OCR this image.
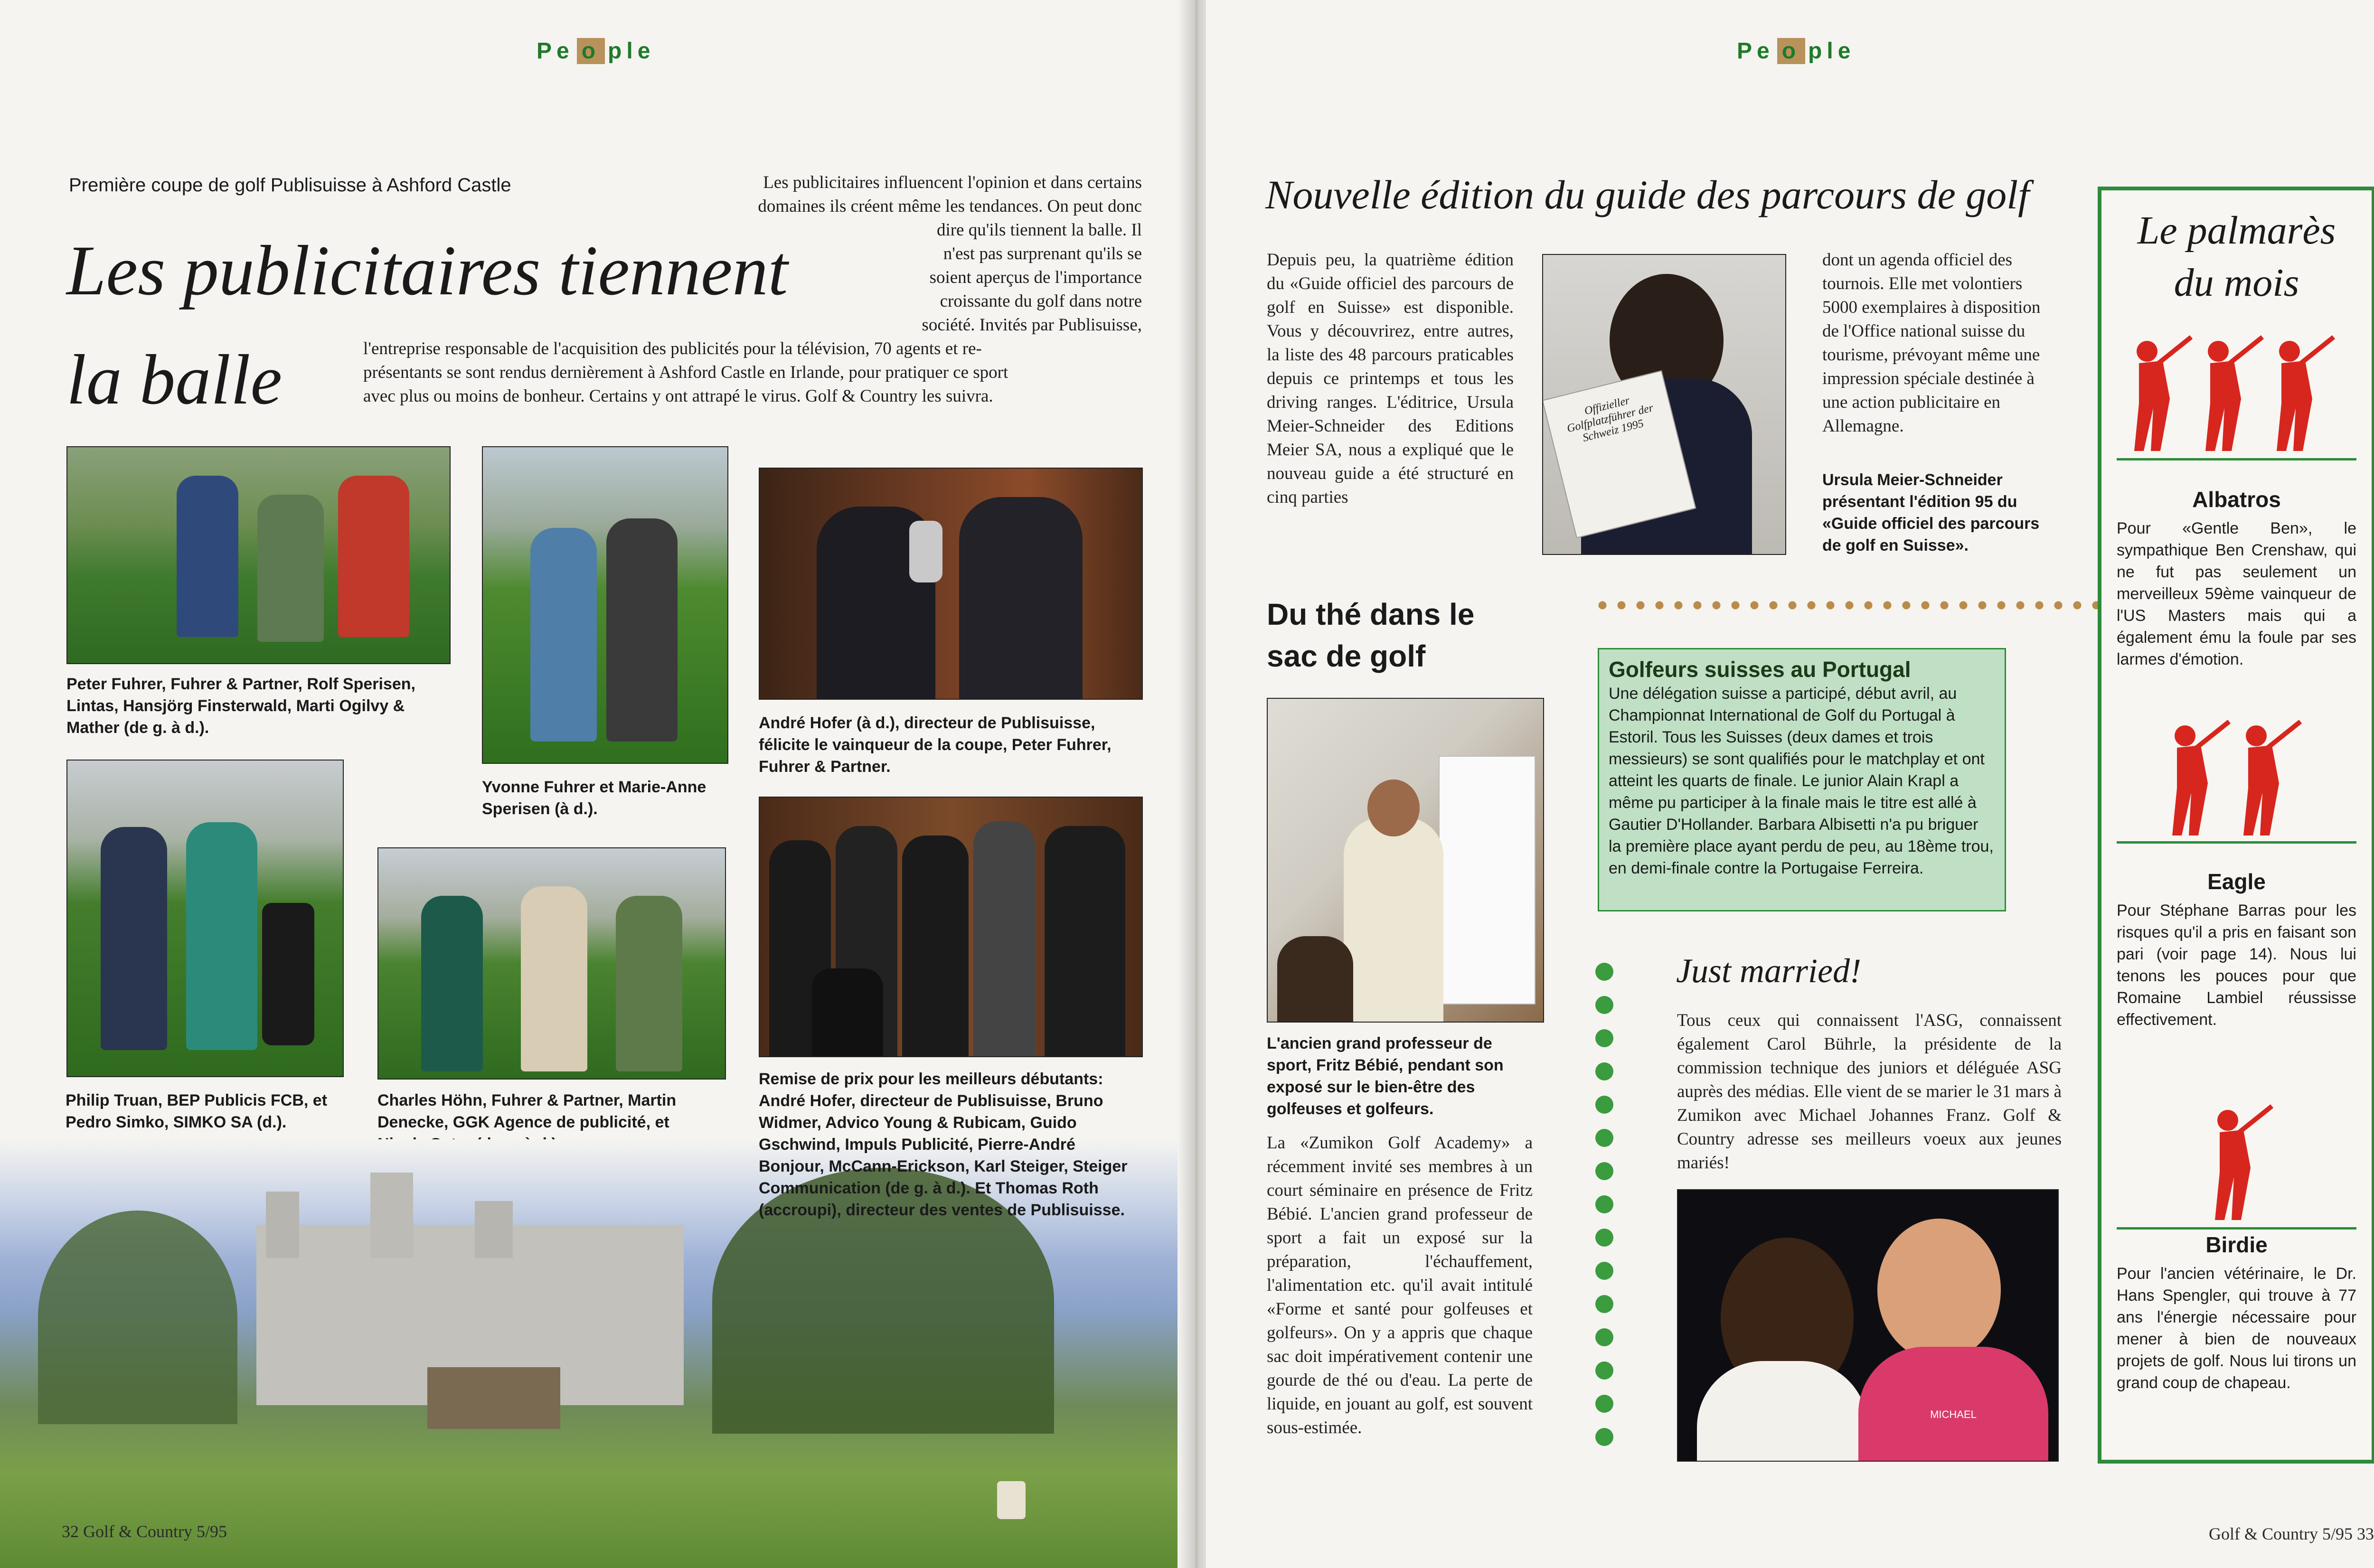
Pe o ple
Première coupe de golf Publisuisse à Ashford Castle
Les publicitaires tiennent
la balle
Les publicitaires influencent l'opinion et dans certains
domaines ils créent même les tendances. On peut donc
dire qu'ils tiennent la balle. Il
n'est pas surprenant qu'ils se
soient aperçus de l'importance
croissante du golf dans notre
société. Invités par Publisuisse,
l'entreprise responsable de l'acquisition des publicités pour la télévision, 70 agents et re-
présentants se sont rendus dernièrement à Ashford Castle en Irlande, pour pratiquer ce sport
avec plus ou moins de bonheur. Certains y ont attrapé le virus. Golf & Country les suivra.
Peter Fuhrer, Fuhrer & Partner, Rolf Sperisen, Lintas, Hansjörg Finsterwald, Marti Ogilvy & Mather (de g. à d.).
Yvonne Fuhrer et Marie-Anne Sperisen (à d.).
André Hofer (à d.), directeur de Publisuisse, félicite le vainqueur de la coupe, Peter Fuhrer, Fuhrer & Partner.
Philip Truan, BEP Publicis FCB, et Pedro Simko, SIMKO SA (d.).
Charles Höhn, Fuhrer & Partner, Martin Denecke, GGK Agence de publicité, et
Remise de prix pour les meilleurs débutants: André Hofer, directeur de Publisuisse, Bruno Widmer, Advico Young & Rubicam, Guido Gschwind, Impuls Publicité, Pierre-André Bonjour, McCann-Erickson, Karl Steiger, Steiger Communication (de g. à d.). Et Thomas Roth (accroupi), directeur des ventes de Publisuisse.
32 Golf & Country 5/95
Pe o ple
Nouvelle édition du guide des parcours de golf
Depuis peu, la quatrième édition du «Guide officiel des parcours de golf en Suisse» est disponible. Vous y découvrirez, entre autres, la liste des 48 parcours praticables depuis ce printemps et tous les driving ranges. L'éditrice, Ursula Meier-Schneider des Editions Meier SA, nous a expliqué que le nouveau guide a été structuré en cinq parties
Offizieller Golfplatzführer der Schweiz 1995
dont un agenda officiel des tournois. Elle met volontiers 5000 exemplaires à disposition de l'Office national suisse du tourisme, prévoyant même une impression spéciale destinée à une action publicitaire en Allemagne.
Ursula Meier-Schneider présentant l'édition 95 du «Guide officiel des parcours de golf en Suisse».
Du thé dans le
sac de golf
L'ancien grand professeur de sport, Fritz Bébié, pendant son exposé sur le bien-être des golfeuses et golfeurs.
La «Zumikon Golf Academy» a récemment invité ses membres à un court séminaire en présence de Fritz Bébié. L'ancien grand professeur de sport a fait un exposé sur la préparation, l'échauffement, l'alimentation etc. qu'il avait intitulé «Forme et santé pour golfeuses et golfeurs». On y a appris que chaque sac doit impérativement contenir une gourde de thé ou d'eau. La perte de liquide, en jouant au golf, est souvent sous-estimée.
Golfeurs suisses au Portugal
Une délégation suisse a participé, début avril, au Championnat International de Golf du Portugal à Estoril. Tous les Suisses (deux dames et trois messieurs) se sont qualifiés pour le matchplay et ont atteint les quarts de finale. Le junior Alain Krapl a même pu participer à la finale mais le titre est allé à Gautier D'Hollander. Barbara Albisetti n'a pu briguer la première place ayant perdu de peu, au 18ème trou, en demi-finale contre la Portugaise Ferreira.
Just married!
Tous ceux qui connaissent l'ASG, connaissent également Carol Bührle, la présidente de la commission technique des juniors et déléguée ASG auprès des médias. Elle vient de se marier le 31 mars à Zumikon avec Michael Johannes Franz. Golf & Country adresse ses meilleurs voeux aux jeunes mariés!
MICHAEL
Le palmarès
du mois
Albatros
Pour «Gentle Ben», le sympathique Ben Crenshaw, qui ne fut pas seulement un merveilleux 59ème vainqueur de l'US Masters mais qui a également ému la foule par ses larmes d'émotion.
Eagle
Pour Stéphane Barras pour les risques qu'il a pris en faisant son pari (voir page 14). Nous lui tenons les pouces pour que Romaine Lambiel réussisse effectivement.
Birdie
Pour l'ancien vétérinaire, le Dr. Hans Spengler, qui trouve à 77 ans l'énergie nécessaire pour mener à bien de nouveaux projets de golf. Nous lui tirons un grand coup de chapeau.
Golf & Country 5/95 33
